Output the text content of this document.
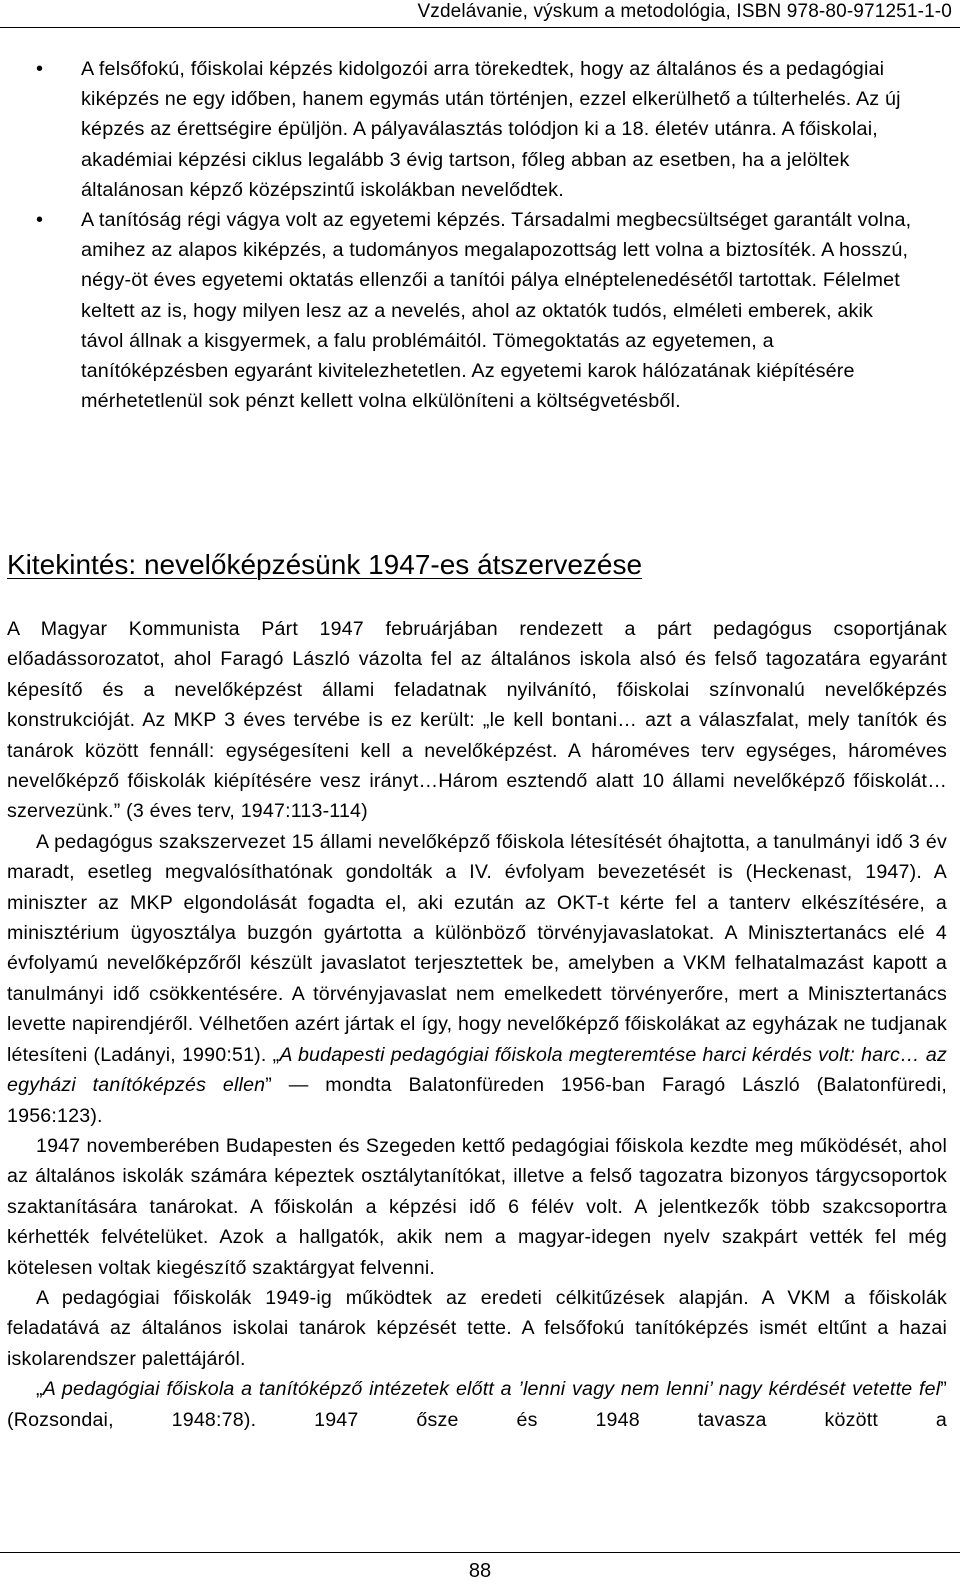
Vzdelávanie, výskum a metodológia, ISBN 978-80-971251-1-0
• A felsőfokú, főiskolai képzés kidolgozói arra törekedtek, hogy az általános és a pedagógiai kiképzés ne egy időben, hanem egymás után történjen, ezzel elkerülhető a túlterhelés. Az új képzés az érettségire épüljön. A pályaválasztás tolódjon ki a 18. életév utánra. A főiskolai, akadémiai képzési ciklus legalább 3 évig tartson, főleg abban az esetben, ha a jelöltek általánosan képző középszintű iskolákban nevelődtek.
• A tanítóság régi vágya volt az egyetemi képzés. Társadalmi megbecsültséget garantált volna, amihez az alapos kiképzés, a tudományos megalapozottság lett volna a biztosíték. A hosszú, négy-öt éves egyetemi oktatás ellenzői a tanítói pálya elnéptelenedésétől tartottak. Félelmet keltett az is, hogy milyen lesz az a nevelés, ahol az oktatók tudós, elméleti emberek, akik távol állnak a kisgyermek, a falu problémáitól. Tömegoktatás az egyetemen, a tanítóképzésben egyaránt kivitelezhetetlen. Az egyetemi karok hálózatának kiépítésére mérhetetlenül sok pénzt kellett volna elkülöníteni a költségvetésből.
Kitekintés: nevelőképzésünk 1947-es átszervezése

A Magyar Kommunista Párt 1947 februárjában rendezett a párt pedagógus csoportjának előadássorozatot, ahol Faragó László vázolta fel az általános iskola alsó és felső tagozatára egyaránt képesítő és a nevelőképzést állami feladatnak nyilvánító, főiskolai színvonalú nevelőképzés konstrukcióját. Az MKP 3 éves tervébe is ez került: „le kell bontani… azt a válaszfalat, mely tanítók és tanárok között fennáll: egységesíteni kell a nevelőképzést. A hároméves terv egységes, hároméves nevelőképző főiskolák kiépítésére vesz irányt…Három esztendő alatt 10 állami nevelőképző főiskolát… szervezünk.” (3 éves terv, 1947:113-114)

A pedagógus szakszervezet 15 állami nevelőképző főiskola létesítését óhajtotta, a tanulmányi idő 3 év maradt, esetleg megvalósíthatónak gondolták a IV. évfolyam bevezetését is (Heckenast, 1947). A miniszter az MKP elgondolását fogadta el, aki ezután az OKT-t kérte fel a tanterv elkészítésére, a minisztérium ügyosztálya buzgón gyártotta a különböző törvényjavaslatokat. A Minisztertanács elé 4 évfolyamú nevelőképzőről készült javaslatot terjesztettek be, amelyben a VKM felhatalmazást kapott a tanulmányi idő csökkentésére. A törvényjavaslat nem emelkedett törvényerőre, mert a Minisztertanács levette napirendjéről. Vélhetően azért jártak el így, hogy nevelőképző főiskolákat az egyházak ne tudjanak létesíteni (Ladányi, 1990:51). „A budapesti pedagógiai főiskola megteremtése harci kérdés volt: harc… az egyházi tanítóképzés ellen” — mondta Balatonfüreden 1956-ban Faragó László (Balatonfüredi, 1956:123).

1947 novemberében Budapesten és Szegeden kettő pedagógiai főiskola kezdte meg működését, ahol az általános iskolák számára képeztek osztálytanítókat, illetve a felső tagozatra bizonyos tárgycsoportok szaktanítására tanárokat. A főiskolán a képzési idő 6 félév volt. A jelentkezők több szakcsoportra kérhették felvételüket. Azok a hallgatók, akik nem a magyar-idegen nyelv szakpárt vették fel még kötelesen voltak kiegészítő szaktárgyat felvenni.

A pedagógiai főiskolák 1949-ig működtek az eredeti célkitűzések alapján. A VKM a főiskolák feladatává az általános iskolai tanárok képzését tette. A felsőfokú tanítóképzés ismét eltűnt a hazai iskolarendszer palettájáról.

„A pedagógiai főiskola a tanítóképző intézetek előtt a ’lenni vagy nem lenni’ nagy kérdését vetette fel” (Rozsondai, 1948:78). 1947 ősze és 1948 tavasza között a

88
